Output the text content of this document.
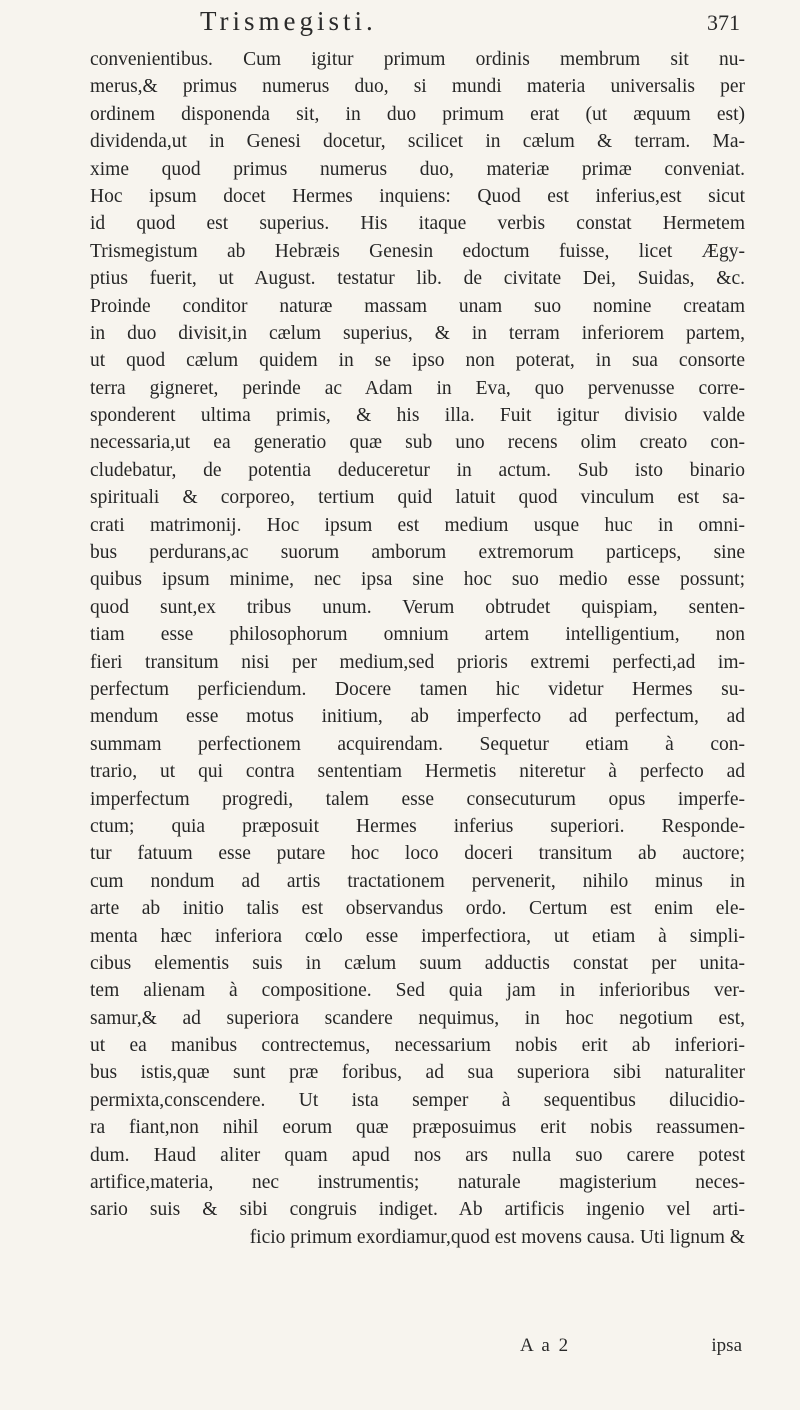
Trismegisti.	371
convenientibus. Cum igitur primum ordinis membrum sit nu-
merus,& primus numerus duo, si mundi materia universalis per
ordinem disponenda sit, in duo primum erat (ut æquum est)
dividenda,ut in Genesi docetur, scilicet in cælum & terram. Ma-
xime quod primus numerus duo, materiæ primæ conveniat.
Hoc ipsum docet Hermes inquiens: Quod est inferius,est sicut
id quod est superius. His itaque verbis constat Hermetem
Trismegistum ab Hebræis Genesin edoctum fuisse, licet Ægy-
ptius fuerit, ut August. testatur lib. de civitate Dei, Suidas, &c.
Proinde conditor naturæ massam unam suo nomine creatam
in duo divisit,in cælum superius, & in terram inferiorem partem,
ut quod cælum quidem in se ipso non poterat, in sua consorte
terra gigneret, perinde ac Adam in Eva, quo pervenusse corre-
sponderent ultima primis, & his illa. Fuit igitur divisio valde
necessaria,ut ea generatio quæ sub uno recens olim creato con-
cludebatur, de potentia deduceretur in actum. Sub isto binario
spirituali & corporeo, tertium quid latuit quod vinculum est sa-
crati matrimonij. Hoc ipsum est medium usque huc in omni-
bus perdurans,ac suorum amborum extremorum particeps, sine
quibus ipsum minime, nec ipsa sine hoc suo medio esse possunt;
quod sunt,ex tribus unum. Verum obtrudet quispiam, senten-
tiam esse philosophorum omnium artem intelligentium, non
fieri transitum nisi per medium,sed prioris extremi perfecti,ad im-
perfectum perficiendum. Docere tamen hic videtur Hermes su-
mendum esse motus initium, ab imperfecto ad perfectum, ad
summam perfectionem acquirendam. Sequetur etiam à con-
trario, ut qui contra sententiam Hermetis niteretur à perfecto ad
imperfectum progredi, talem esse consecuturum opus imperfe-
ctum; quia præposuit Hermes inferius superiori. Responde-
tur fatuum esse putare hoc loco doceri transitum ab auctore;
cum nondum ad artis tractationem pervenerit, nihilo minus in
arte ab initio talis est observandus ordo. Certum est enim ele-
menta hæc inferiora cœlo esse imperfectiora, ut etiam à simpli-
cibus elementis suis in cælum suum adductis constat per unita-
tem alienam à compositione. Sed quia jam in inferioribus ver-
samur,& ad superiora scandere nequimus, in hoc negotium est,
ut ea manibus contrectemus, necessarium nobis erit ab inferiori-
bus istis,quæ sunt præ foribus, ad sua superiora sibi naturaliter
permixta,conscendere. Ut ista semper à sequentibus dilucidio-
ra fiant,non nihil eorum quæ præposuimus erit nobis reassumen-
dum. Haud aliter quam apud nos ars nulla suo carere potest
artifice,materia, nec instrumentis; naturale magisterium neces-
sario suis & sibi congruis indiget. Ab artificis ingenio vel arti-
ficio primum exordiamur,quod est movens causa. Uti lignum &
A a 2	ipsa
